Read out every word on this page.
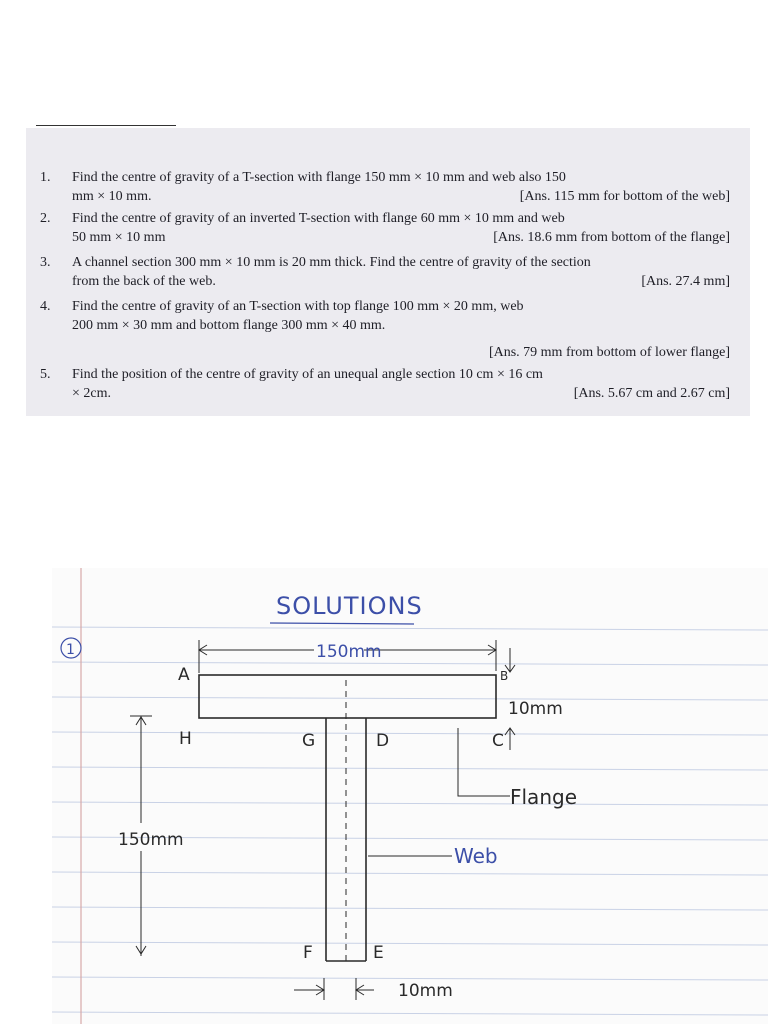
1. Find the centre of gravity of a T-section with flange 150 mm × 10 mm and web also 150
mm × 10 mm.	[Ans. 115 mm for bottom of the web]
2. Find the centre of gravity of an inverted T-section with flange 60 mm × 10 mm and web
50 mm × 10 mm	[Ans. 18.6 mm from bottom of the flange]
3. A channel section 300 mm × 10 mm is 20 mm thick. Find the centre of gravity of the section
from the back of the web.	[Ans. 27.4 mm]
4. Find the centre of gravity of an T-section with top flange 100 mm × 20 mm, web
200 mm × 30 mm and bottom flange 300 mm × 40 mm.
[Ans. 79 mm from bottom of lower flange]
5. Find the position of the centre of gravity of an unequal angle section 10 cm × 16 cm
× 2cm.	[Ans. 5.67 cm and 2.67 cm]
SOLUTIONS
1	150mm
10mm
A	B
C
D
G
H
F	E
150mm
Flange
Web
10mm
